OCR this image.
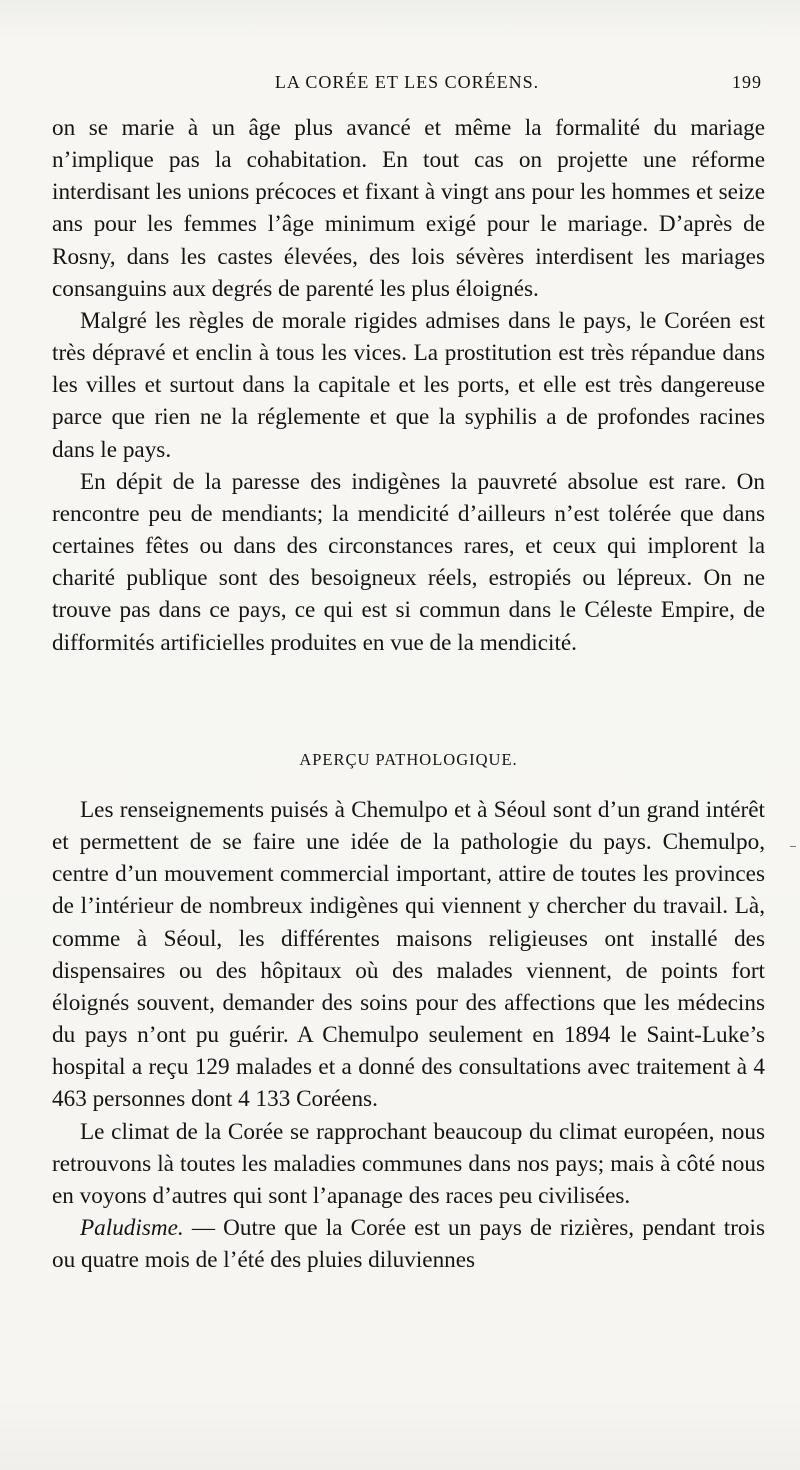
LA CORÉE ET LES CORÉENS.	199

on se marie à un âge plus avancé et même la formalité du mariage n’implique pas la cohabitation. En tout cas on projette une réforme interdisant les unions précoces et fixant à vingt ans pour les hommes et seize ans pour les femmes l’âge minimum exigé pour le mariage. D’après de Rosny, dans les castes élevées, des lois sévères interdisent les mariages consanguins aux degrés de parenté les plus éloignés.

Malgré les règles de morale rigides admises dans le pays, le Coréen est très dépravé et enclin à tous les vices. La prostitution est très répandue dans les villes et surtout dans la capitale et les ports, et elle est très dangereuse parce que rien ne la réglemente et que la syphilis a de profondes racines dans le pays.

En dépit de la paresse des indigènes la pauvreté absolue est rare. On rencontre peu de mendiants; la mendicité d’ailleurs n’est tolérée que dans certaines fêtes ou dans des circonstances rares, et ceux qui implorent la charité publique sont des besoigneux réels, estropiés ou lépreux. On ne trouve pas dans ce pays, ce qui est si commun dans le Céleste Empire, de difformités artificielles produites en vue de la mendicité.

APERÇU PATHOLOGIQUE.

Les renseignements puisés à Chemulpo et à Séoul sont d’un grand intérêt et permettent de se faire une idée de la pathologie du pays. Chemulpo, centre d’un mouvement commercial important, attire de toutes les provinces de l’intérieur de nombreux indigènes qui viennent y chercher du travail. Là, comme à Séoul, les différentes maisons religieuses ont installé des dispensaires ou des hôpitaux où des malades viennent, de points fort éloignés souvent, demander des soins pour des affections que les médecins du pays n’ont pu guérir. A Chemulpo seulement en 1894 le Saint-Luke’s hospital a reçu 129 malades et a donné des consultations avec traitement à 4 463 personnes dont 4 133 Coréens.

Le climat de la Corée se rapprochant beaucoup du climat européen, nous retrouvons là toutes les maladies communes dans nos pays; mais à côté nous en voyons d’autres qui sont l’apanage des races peu civilisées.

Paludisme. — Outre que la Corée est un pays de rizières, pendant trois ou quatre mois de l’été des pluies diluviennes
